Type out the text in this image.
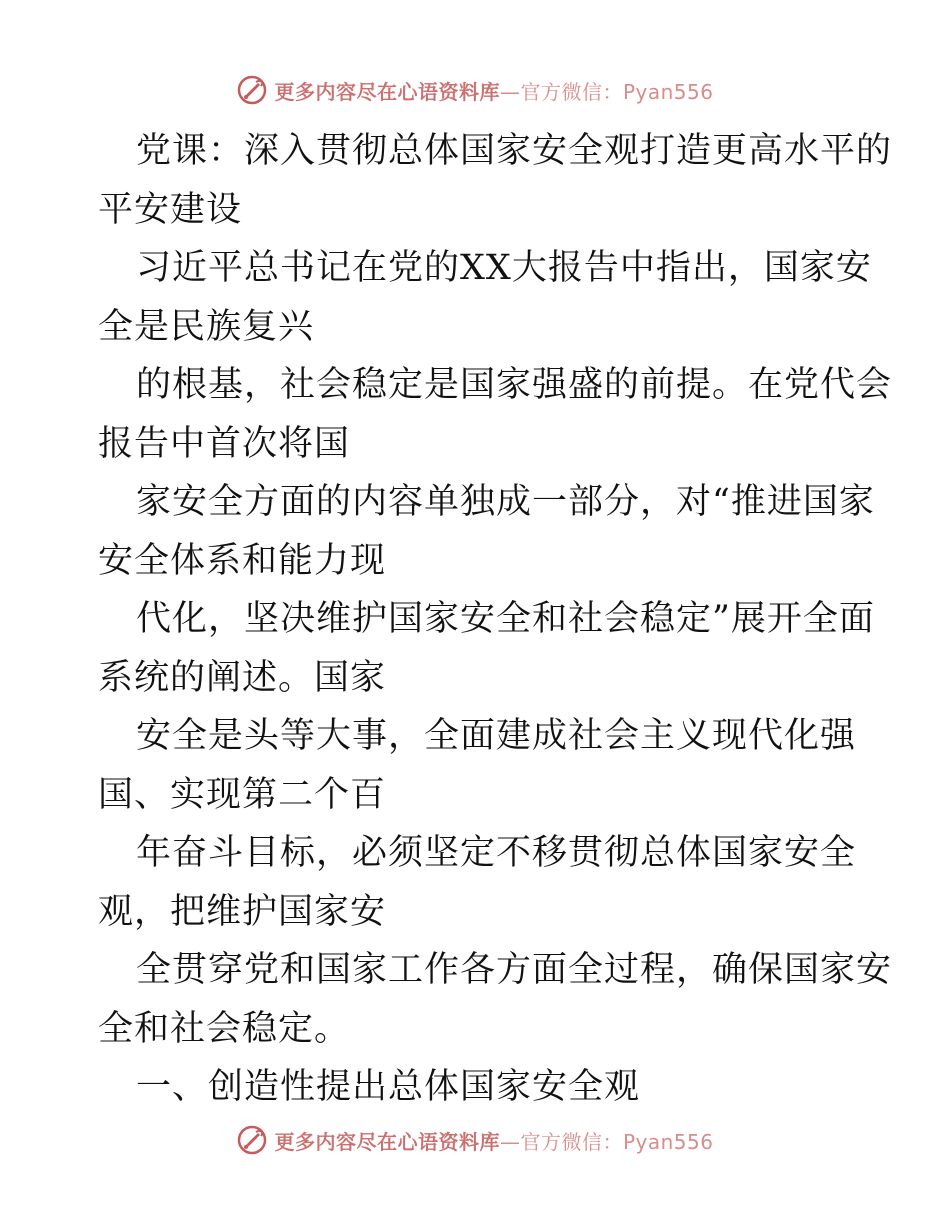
更多内容尽在心语资料库—官方微信：Pyan556
党课：深入贯彻总体国家安全观打造更高水平的
平安建设
习近平总书记在党的XX大报告中指出，国家安
全是民族复兴
的根基，社会稳定是国家强盛的前提。在党代会
报告中首次将国
家安全方面的内容单独成一部分，对“推进国家
安全体系和能力现
代化，坚决维护国家安全和社会稳定”展开全面
系统的阐述。国家
安全是头等大事，全面建成社会主义现代化强
国、实现第二个百
年奋斗目标，必须坚定不移贯彻总体国家安全
观，把维护国家安
全贯穿党和国家工作各方面全过程，确保国家安
全和社会稳定。
一、创造性提出总体国家安全观
更多内容尽在心语资料库—官方微信：Pyan556
